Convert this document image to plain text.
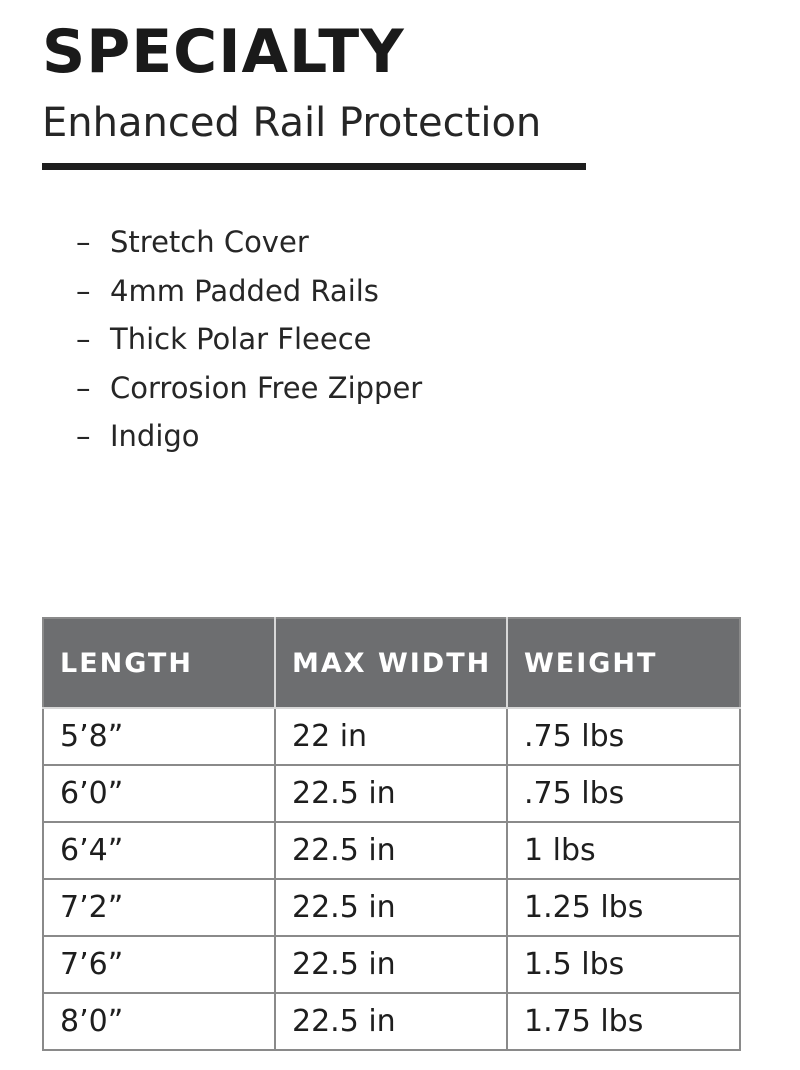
SPECIALTY
Enhanced Rail Protection
– Stretch Cover
– 4mm Padded Rails
– Thick Polar Fleece
– Corrosion Free Zipper
– Indigo
LENGTH	MAX WIDTH	WEIGHT
5’8”	22 in	.75 lbs
6’0”	22.5 in	.75 lbs
6’4”	22.5 in	1 lbs
7’2”	22.5 in	1.25 lbs
7’6”	22.5 in	1.5 lbs
8’0”	22.5 in	1.75 lbs
